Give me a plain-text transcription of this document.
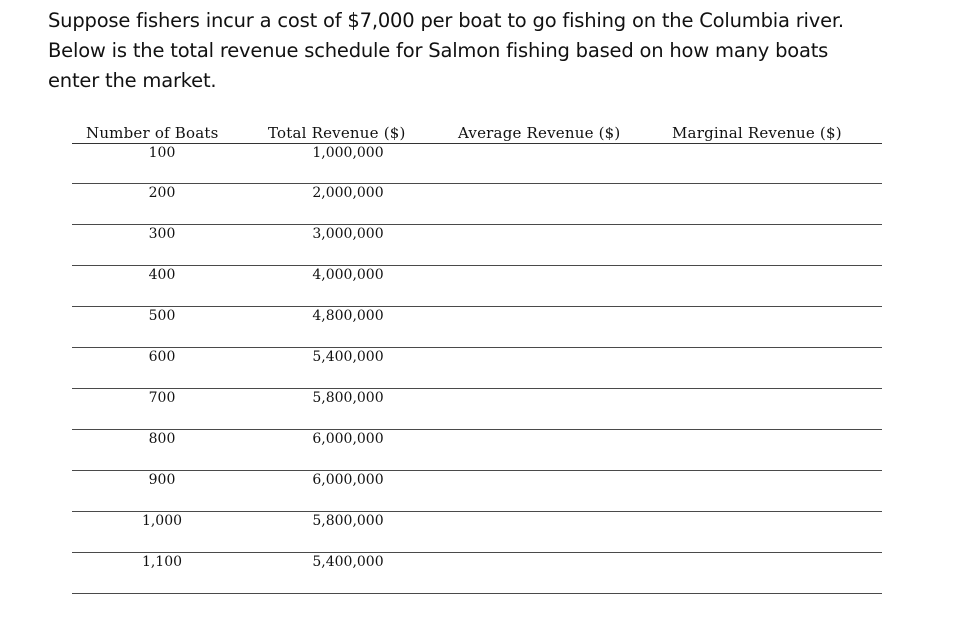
Suppose fishers incur a cost of $7,000 per boat to go fishing on the Columbia river.
Below is the total revenue schedule for Salmon fishing based on how many boats
enter the market.
Number of Boats	Total Revenue ($)	Average Revenue ($)	Marginal Revenue ($)
100	1,000,000
200	2,000,000
300	3,000,000
400	4,000,000
500	4,800,000
600	5,400,000
700	5,800,000
800	6,000,000
900	6,000,000
1,000	5,800,000
1,100	5,400,000
